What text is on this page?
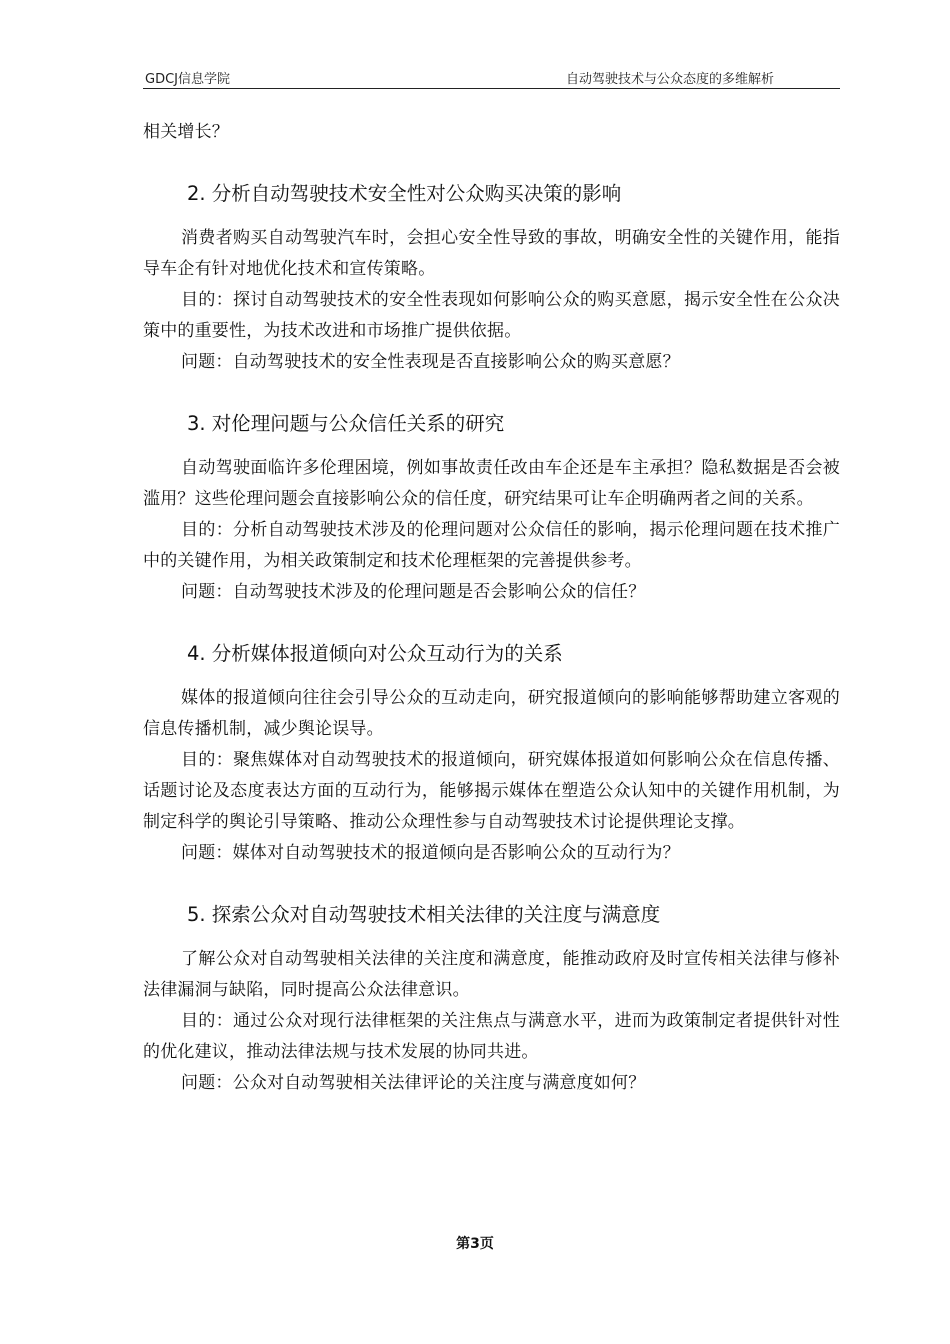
GDCJ信息学院	自动驾驶技术与公众态度的多维解析

相关增长？

2. 分析自动驾驶技术安全性对公众购买决策的影响

消费者购买自动驾驶汽车时，会担心安全性导致的事故，明确安全性的关键作用，能指导车企有针对地优化技术和宣传策略。

目的：探讨自动驾驶技术的安全性表现如何影响公众的购买意愿，揭示安全性在公众决策中的重要性，为技术改进和市场推广提供依据。

问题：自动驾驶技术的安全性表现是否直接影响公众的购买意愿？

3. 对伦理问题与公众信任关系的研究

自动驾驶面临许多伦理困境，例如事故责任改由车企还是车主承担？隐私数据是否会被滥用？这些伦理问题会直接影响公众的信任度，研究结果可让车企明确两者之间的关系。

目的：分析自动驾驶技术涉及的伦理问题对公众信任的影响，揭示伦理问题在技术推广中的关键作用，为相关政策制定和技术伦理框架的完善提供参考。

问题：自动驾驶技术涉及的伦理问题是否会影响公众的信任？

4. 分析媒体报道倾向对公众互动行为的关系

媒体的报道倾向往往会引导公众的互动走向，研究报道倾向的影响能够帮助建立客观的信息传播机制，减少舆论误导。

目的：聚焦媒体对自动驾驶技术的报道倾向，研究媒体报道如何影响公众在信息传播、话题讨论及态度表达方面的互动行为，能够揭示媒体在塑造公众认知中的关键作用机制，为制定科学的舆论引导策略、推动公众理性参与自动驾驶技术讨论提供理论支撑。

问题：媒体对自动驾驶技术的报道倾向是否影响公众的互动行为？

5. 探索公众对自动驾驶技术相关法律的关注度与满意度

了解公众对自动驾驶相关法律的关注度和满意度，能推动政府及时宣传相关法律与修补法律漏洞与缺陷，同时提高公众法律意识。

目的：通过公众对现行法律框架的关注焦点与满意水平，进而为政策制定者提供针对性的优化建议，推动法律法规与技术发展的协同共进。

问题：公众对自动驾驶相关法律评论的关注度与满意度如何？

第3页
